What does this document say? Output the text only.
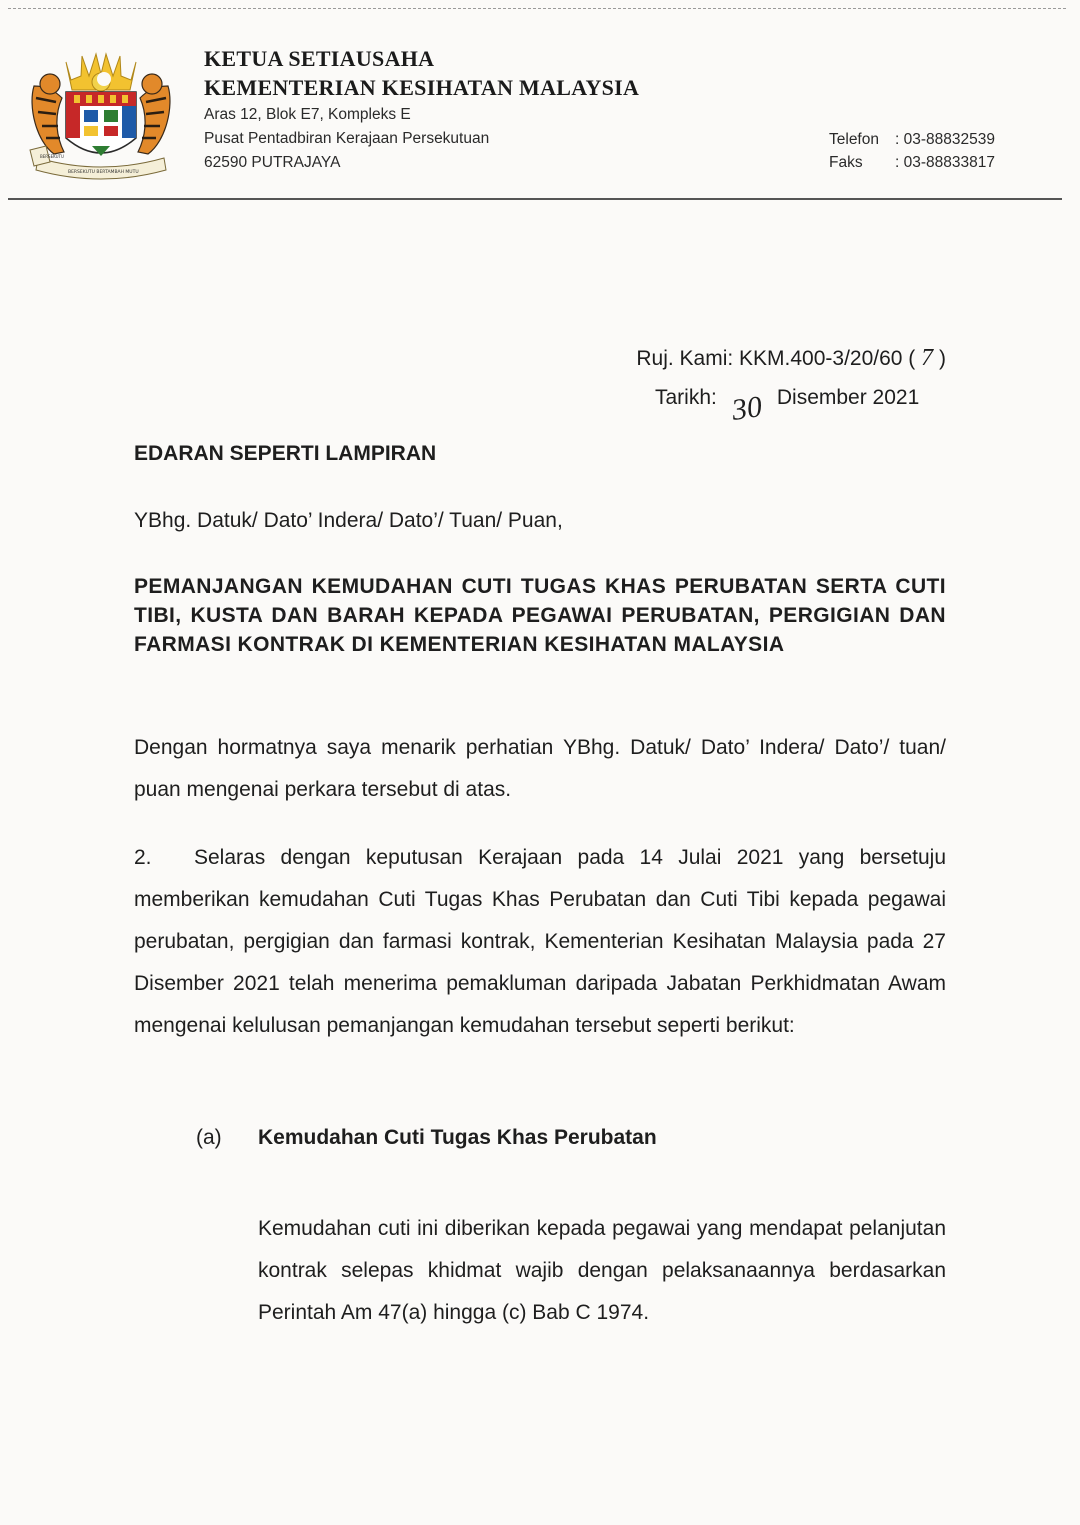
BERSEKUTU
BERSEKUTU BERTAMBAH MUTU
KETUA SETIAUSAHA
KEMENTERIAN KESIHATAN MALAYSIA
Aras 12, Blok E7, Kompleks E
Pusat Pentadbiran Kerajaan Persekutuan
62590 PUTRAJAYA
Telefon	: 03-88832539
Faks	: 03-88833817
Ruj. Kami: KKM.400-3/20/60 ( 7 )
Tarikh: 30 Disember 2021
EDARAN SEPERTI LAMPIRAN
YBhg. Datuk/ Dato’ Indera/ Dato’/ Tuan/ Puan,
PEMANJANGAN KEMUDAHAN CUTI TUGAS KHAS PERUBATAN SERTA CUTI TIBI, KUSTA DAN BARAH KEPADA PEGAWAI PERUBATAN, PERGIGIAN DAN FARMASI KONTRAK DI KEMENTERIAN KESIHATAN MALAYSIA
Dengan hormatnya saya menarik perhatian YBhg. Datuk/ Dato’ Indera/ Dato’/ tuan/ puan mengenai perkara tersebut di atas.
2. Selaras dengan keputusan Kerajaan pada 14 Julai 2021 yang bersetuju memberikan kemudahan Cuti Tugas Khas Perubatan dan Cuti Tibi kepada pegawai perubatan, pergigian dan farmasi kontrak, Kementerian Kesihatan Malaysia pada 27 Disember 2021 telah menerima pemakluman daripada Jabatan Perkhidmatan Awam mengenai kelulusan pemanjangan kemudahan tersebut seperti berikut:
(a) Kemudahan Cuti Tugas Khas Perubatan
Kemudahan cuti ini diberikan kepada pegawai yang mendapat pelanjutan kontrak selepas khidmat wajib dengan pelaksanaannya berdasarkan Perintah Am 47(a) hingga (c) Bab C 1974.
